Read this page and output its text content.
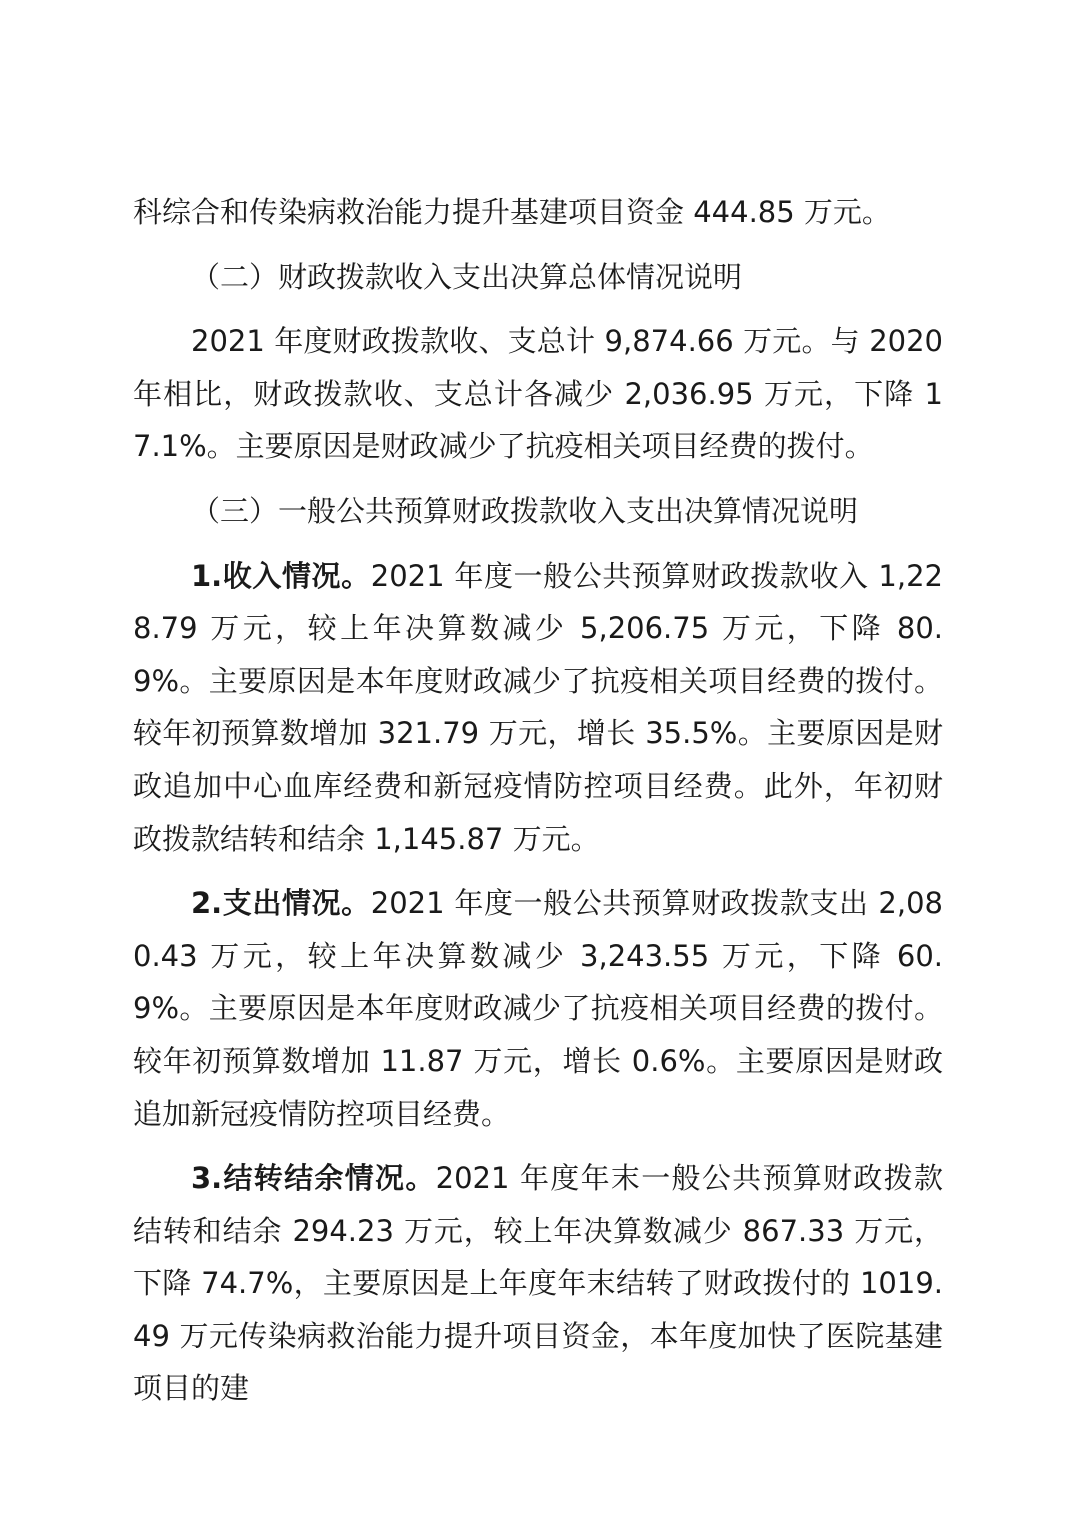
科综合和传染病救治能力提升基建项目资金 444.85 万元。

（二）财政拨款收入支出决算总体情况说明

2021 年度财政拨款收、支总计 9,874.66 万元。与 2020 年相比，财政拨款收、支总计各减少 2,036.95 万元，下降 17.1%。主要原因是财政减少了抗疫相关项目经费的拨付。

（三）一般公共预算财政拨款收入支出决算情况说明

1.收入情况。2021 年度一般公共预算财政拨款收入 1,228.79 万元，较上年决算数减少 5,206.75 万元，下降 80.9%。主要原因是本年度财政减少了抗疫相关项目经费的拨付。较年初预算数增加 321.79 万元，增长 35.5%。主要原因是财政追加中心血库经费和新冠疫情防控项目经费。此外，年初财政拨款结转和结余 1,145.87 万元。

2.支出情况。2021 年度一般公共预算财政拨款支出 2,080.43 万元，较上年决算数减少 3,243.55 万元，下降 60.9%。主要原因是本年度财政减少了抗疫相关项目经费的拨付。较年初预算数增加 11.87 万元，增长 0.6%。主要原因是财政追加新冠疫情防控项目经费。

3.结转结余情况。2021 年度年末一般公共预算财政拨款结转和结余 294.23 万元，较上年决算数减少 867.33 万元，下降 74.7%，主要原因是上年度年末结转了财政拨付的 1019.49 万元传染病救治能力提升项目资金，本年度加快了医院基建项目的建
